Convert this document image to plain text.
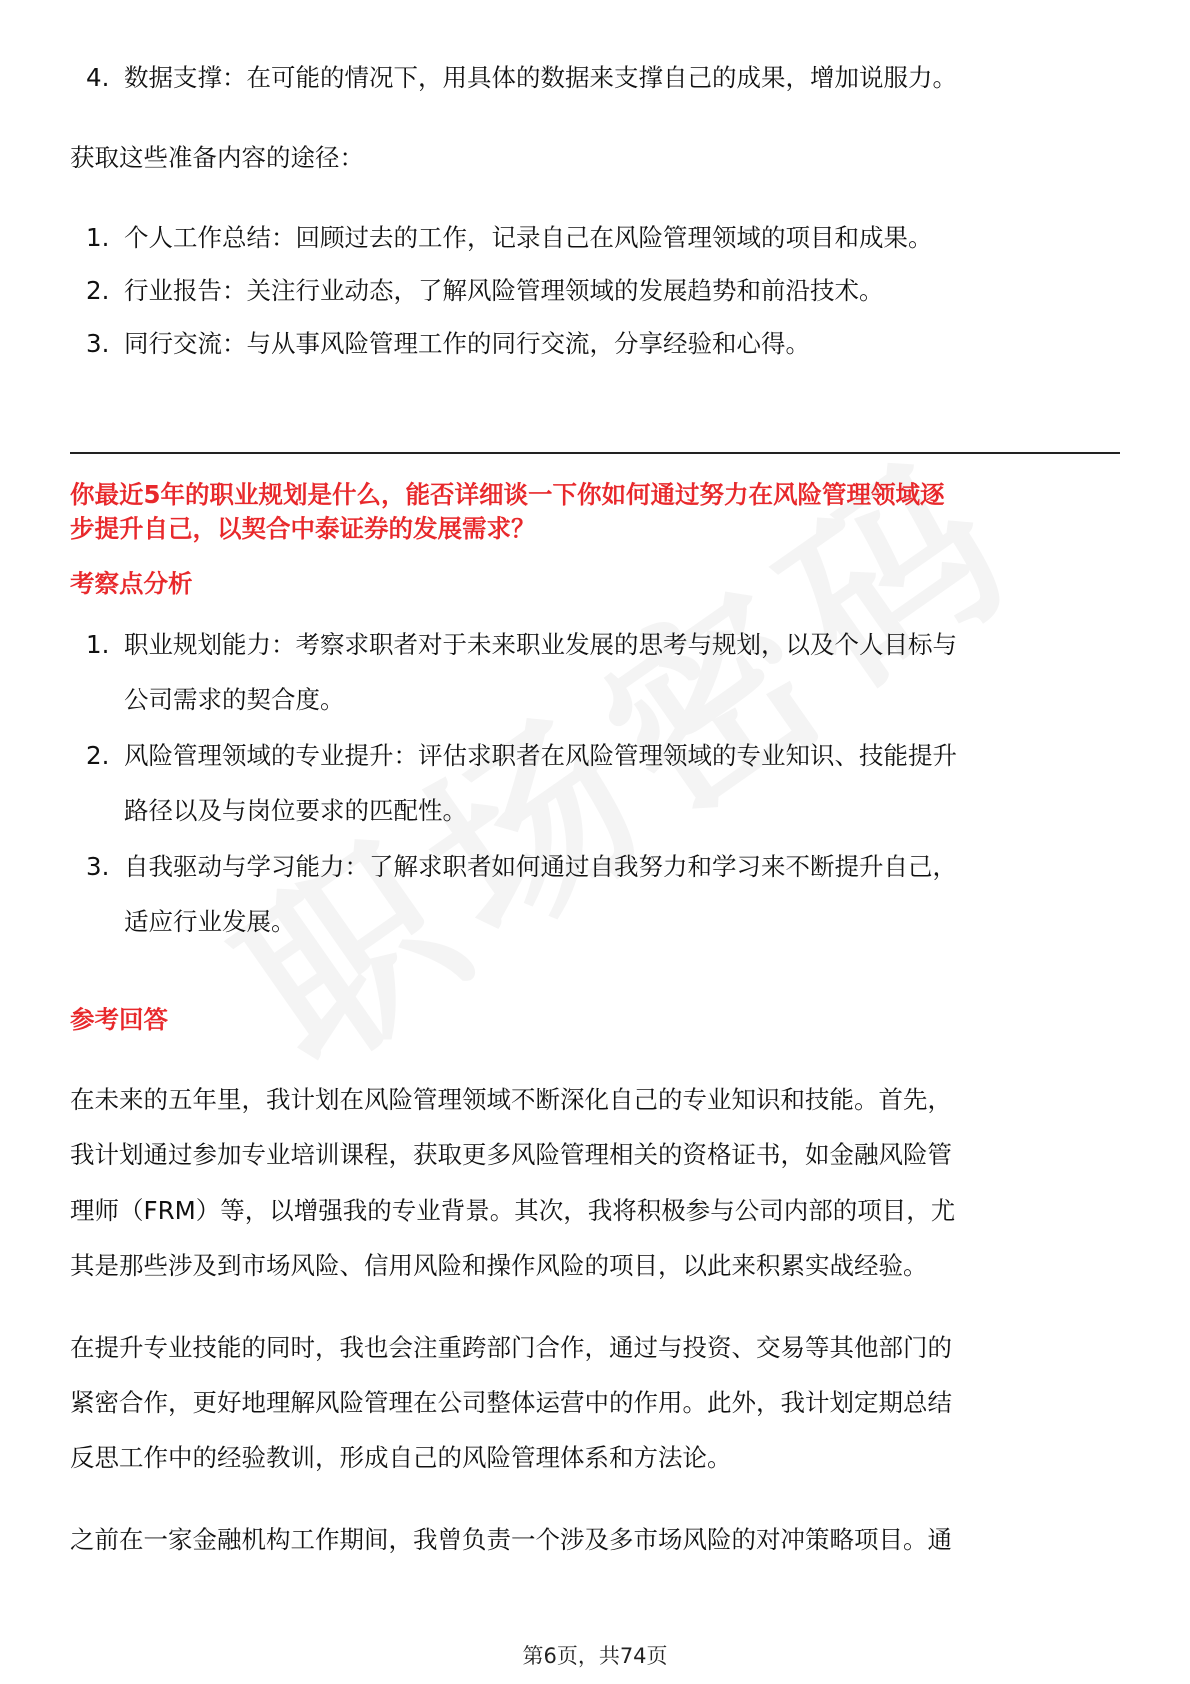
4. 数据支撑：在可能的情况下，用具体的数据来支撑自己的成果，增加说服力。
获取这些准备内容的途径：
1. 个人工作总结：回顾过去的工作，记录自己在风险管理领域的项目和成果。
2. 行业报告：关注行业动态，了解风险管理领域的发展趋势和前沿技术。
3. 同行交流：与从事风险管理工作的同行交流，分享经验和心得。
你最近5年的职业规划是什么，能否详细谈一下你如何通过努力在风险管理领域逐
步提升自己，以契合中泰证券的发展需求？
考察点分析
1. 职业规划能力：考察求职者对于未来职业发展的思考与规划，以及个人目标与
公司需求的契合度。
2. 风险管理领域的专业提升：评估求职者在风险管理领域的专业知识、技能提升
路径以及与岗位要求的匹配性。
3. 自我驱动与学习能力：了解求职者如何通过自我努力和学习来不断提升自己，
适应行业发展。
参考回答
在未来的五年里，我计划在风险管理领域不断深化自己的专业知识和技能。首先，
我计划通过参加专业培训课程，获取更多风险管理相关的资格证书，如金融风险管
理师（FRM）等，以增强我的专业背景。其次，我将积极参与公司内部的项目，尤
其是那些涉及到市场风险、信用风险和操作风险的项目，以此来积累实战经验。
在提升专业技能的同时，我也会注重跨部门合作，通过与投资、交易等其他部门的
紧密合作，更好地理解风险管理在公司整体运营中的作用。此外，我计划定期总结
反思工作中的经验教训，形成自己的风险管理体系和方法论。
之前在一家金融机构工作期间，我曾负责一个涉及多市场风险的对冲策略项目。通
第6页，共74页
